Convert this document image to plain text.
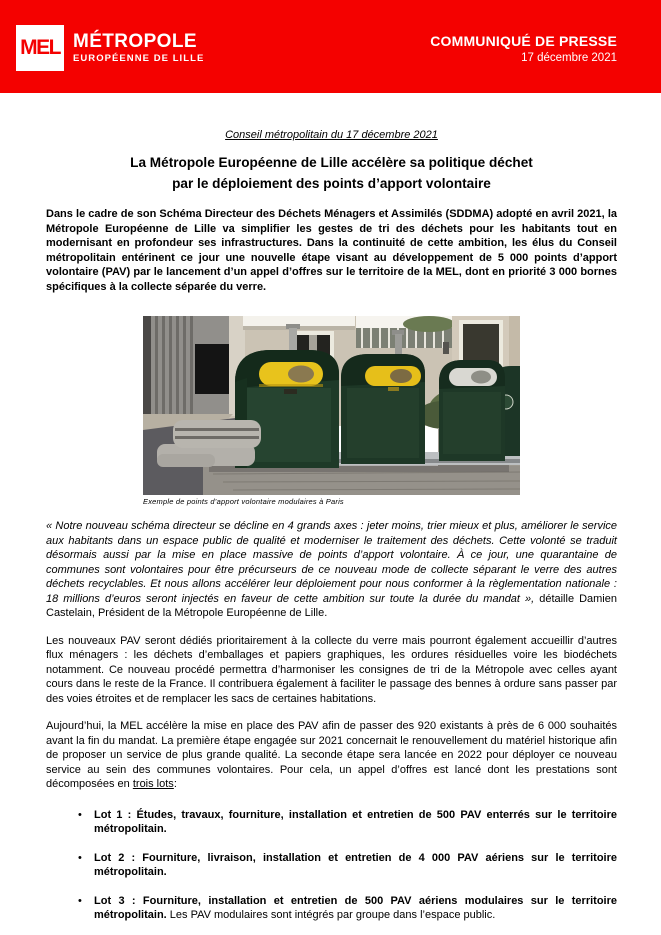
MEL MÉTROPOLE
EUROPÉENNE DE LILLE
COMMUNIQUÉ DE PRESSE
17 décembre 2021
Conseil métropolitain du 17 décembre 2021
La Métropole Européenne de Lille accélère sa politique déchet
par le déploiement des points d’apport volontaire

Dans le cadre de son Schéma Directeur des Déchets Ménagers et Assimilés (SDDMA) adopté en avril 2021, la Métropole Européenne de Lille va simplifier les gestes de tri des déchets pour les habitants tout en modernisant en profondeur ses infrastructures. Dans la continuité de cette ambition, les élus du Conseil métropolitain entérinent ce jour une nouvelle étape visant au développement de 5 000 points d’apport volontaire (PAV) par le lancement d’un appel d’offres sur le territoire de la MEL, dont en priorité 3 000 bornes spécifiques à la collecte séparée du verre.

Exemple de points d’apport volontaire modulaires à Paris

« Notre nouveau schéma directeur se décline en 4 grands axes : jeter moins, trier mieux et plus, améliorer le service aux habitants dans un espace public de qualité et moderniser le traitement des déchets. Cette volonté se traduit désormais aussi par la mise en place massive de points d’apport volontaire. À ce jour, une quarantaine de communes sont volontaires pour être précurseurs de ce nouveau mode de collecte séparant le verre des autres déchets recyclables. Et nous allons accélérer leur déploiement pour nous conformer à la règlementation nationale : 18 millions d’euros seront injectés en faveur de cette ambition sur toute la durée du mandat », détaille Damien Castelain, Président de la Métropole Européenne de Lille.

Les nouveaux PAV seront dédiés prioritairement à la collecte du verre mais pourront également accueillir d’autres flux ménagers : les déchets d’emballages et papiers graphiques, les ordures résiduelles voire les biodéchets notamment. Ce nouveau procédé permettra d’harmoniser les consignes de tri de la Métropole avec celles ayant cours dans le reste de la France. Il contribuera également à faciliter le passage des bennes à ordure sans passer par des voies étroites et de remplacer les sacs de certaines habitations.

Aujourd’hui, la MEL accélère la mise en place des PAV afin de passer des 920 existants à près de 6 000 souhaités avant la fin du mandat. La première étape engagée sur 2021 concernait le renouvellement du matériel historique afin de proposer un service de plus grande qualité. La seconde étape sera lancée en 2022 pour déployer ce nouveau service au sein des communes volontaires. Pour cela, un appel d’offres est lancé dont les prestations sont décomposées en trois lots:

• Lot 1 : Études, travaux, fourniture, installation et entretien de 500 PAV enterrés sur le territoire métropolitain.
• Lot 2 : Fourniture, livraison, installation et entretien de 4 000 PAV aériens sur le territoire métropolitain.
• Lot 3 : Fourniture, installation et entretien de 500 PAV aériens modulaires sur le territoire métropolitain. Les PAV modulaires sont intégrés par groupe dans l’espace public.
